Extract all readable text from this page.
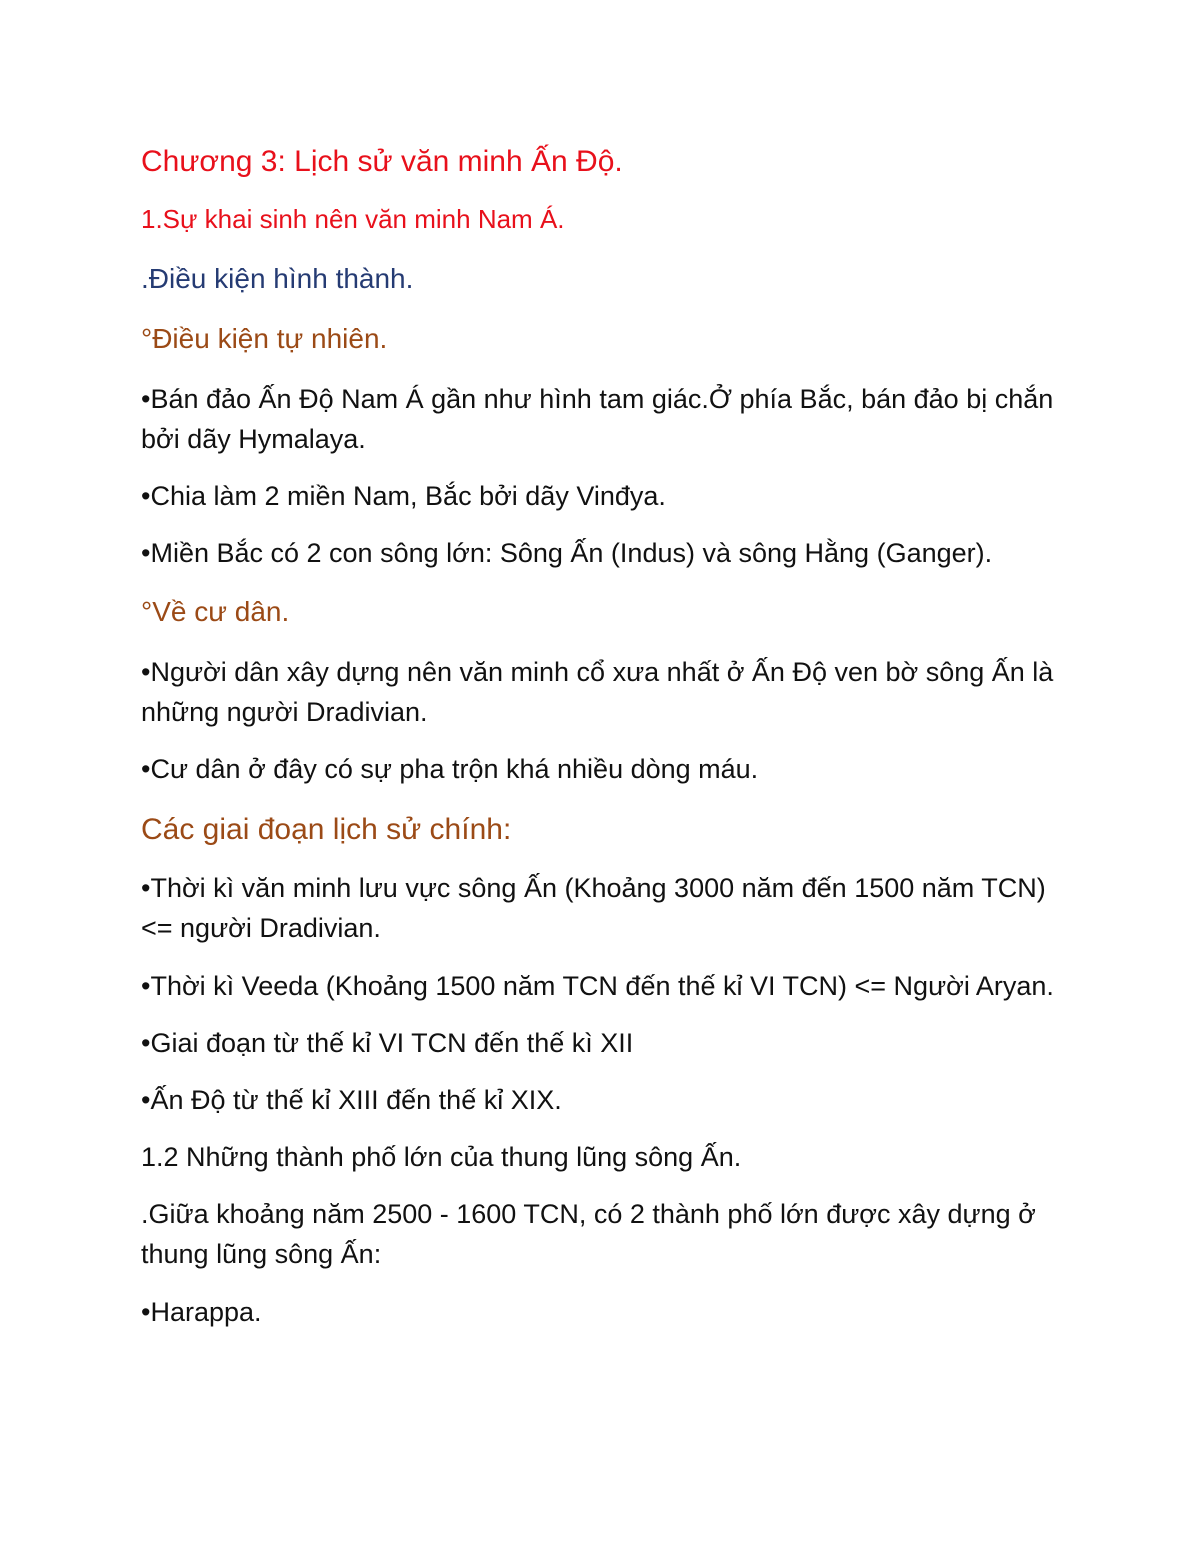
Chương 3: Lịch sử văn minh Ấn Độ.

1.Sự khai sinh nên văn minh Nam Á.

.Điều kiện hình thành.

°Điều kiện tự nhiên.

•Bán đảo Ấn Độ Nam Á gần như hình tam giác.Ở phía Bắc, bán đảo bị chắn bởi dãy Hymalaya.

•Chia làm 2 miền Nam, Bắc bởi dãy Vinđya.

•Miền Bắc có 2 con sông lớn: Sông Ấn (Indus) và sông Hằng (Ganger).

°Về cư dân.

•Người dân xây dựng nên văn minh cổ xưa nhất ở Ấn Độ ven bờ sông Ấn là những người Dradivian.

•Cư dân ở đây có sự pha trộn khá nhiều dòng máu.

Các giai đoạn lịch sử chính:

•Thời kì văn minh lưu vực sông Ấn (Khoảng 3000 năm đến 1500 năm TCN) <= người Dradivian.

•Thời kì Veeda (Khoảng 1500 năm TCN đến thế kỉ VI TCN) <= Người Aryan.

•Giai đoạn từ thế kỉ VI TCN đến thế kì XII

•Ấn Độ từ thế kỉ XIII đến thế kỉ XIX.

1.2 Những thành phố lớn của thung lũng sông Ấn.

.Giữa khoảng năm 2500 - 1600 TCN, có 2 thành phố lớn được xây dựng ở thung lũng sông Ấn:

•Harappa.
